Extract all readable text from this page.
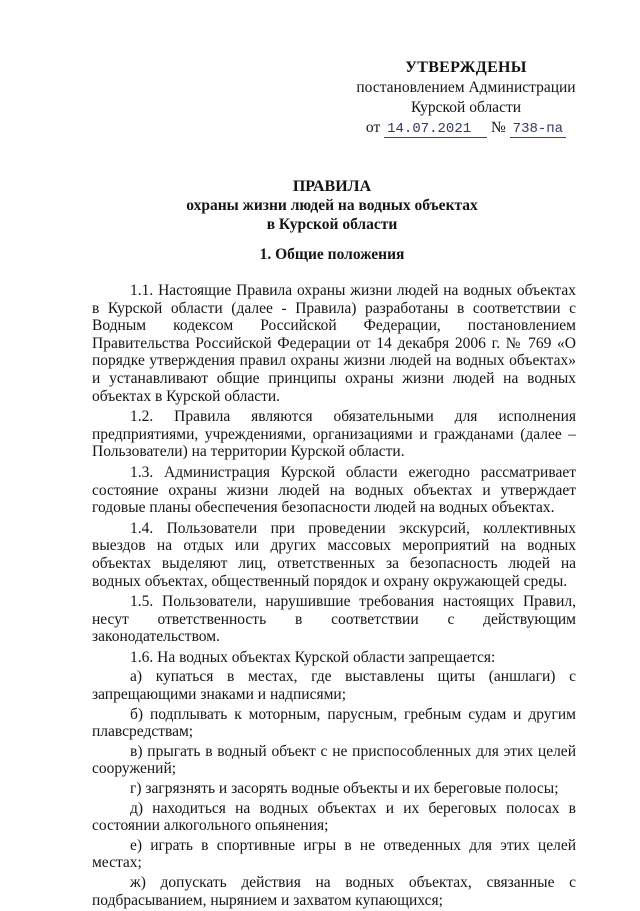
УТВЕРЖДЕНЫ
постановлением Администрации
Курской области
от 14.07.2021 № 738-па
ПРАВИЛА
охраны жизни людей на водных объектах
в Курской области
1. Общие положения

1.1. Настоящие Правила охраны жизни людей на водных объектах в Курской области (далее - Правила) разработаны в соответствии с Водным кодексом Российской Федерации, постановлением Правительства Российской Федерации от 14 декабря 2006 г. № 769 «О порядке утверждения правил охраны жизни людей на водных объектах» и устанавливают общие принципы охраны жизни людей на водных объектах в Курской области.

1.2. Правила являются обязательными для исполнения предприятиями, учреждениями, организациями и гражданами (далее – Пользователи) на территории Курской области.

1.3. Администрация Курской области ежегодно рассматривает состояние охраны жизни людей на водных объектах и утверждает годовые планы обеспечения безопасности людей на водных объектах.

1.4. Пользователи при проведении экскурсий, коллективных выездов на отдых или других массовых мероприятий на водных объектах выделяют лиц, ответственных за безопасность людей на водных объектах, общественный порядок и охрану окружающей среды.

1.5. Пользователи, нарушившие требования настоящих Правил, несут ответственность в соответствии с действующим законодательством.

1.6. На водных объектах Курской области запрещается:

а) купаться в местах, где выставлены щиты (аншлаги) с запрещающими знаками и надписями;

б) подплывать к моторным, парусным, гребным судам и другим плавсредствам;

в) прыгать в водный объект с не приспособленных для этих целей сооружений;

г) загрязнять и засорять водные объекты и их береговые полосы;

д) находиться на водных объектах и их береговых полосах в состоянии алкогольного опьянения;

е) играть в спортивные игры в не отведенных для этих целей местах;

ж) допускать действия на водных объектах, связанные с подбрасыванием, нырянием и захватом купающихся;
